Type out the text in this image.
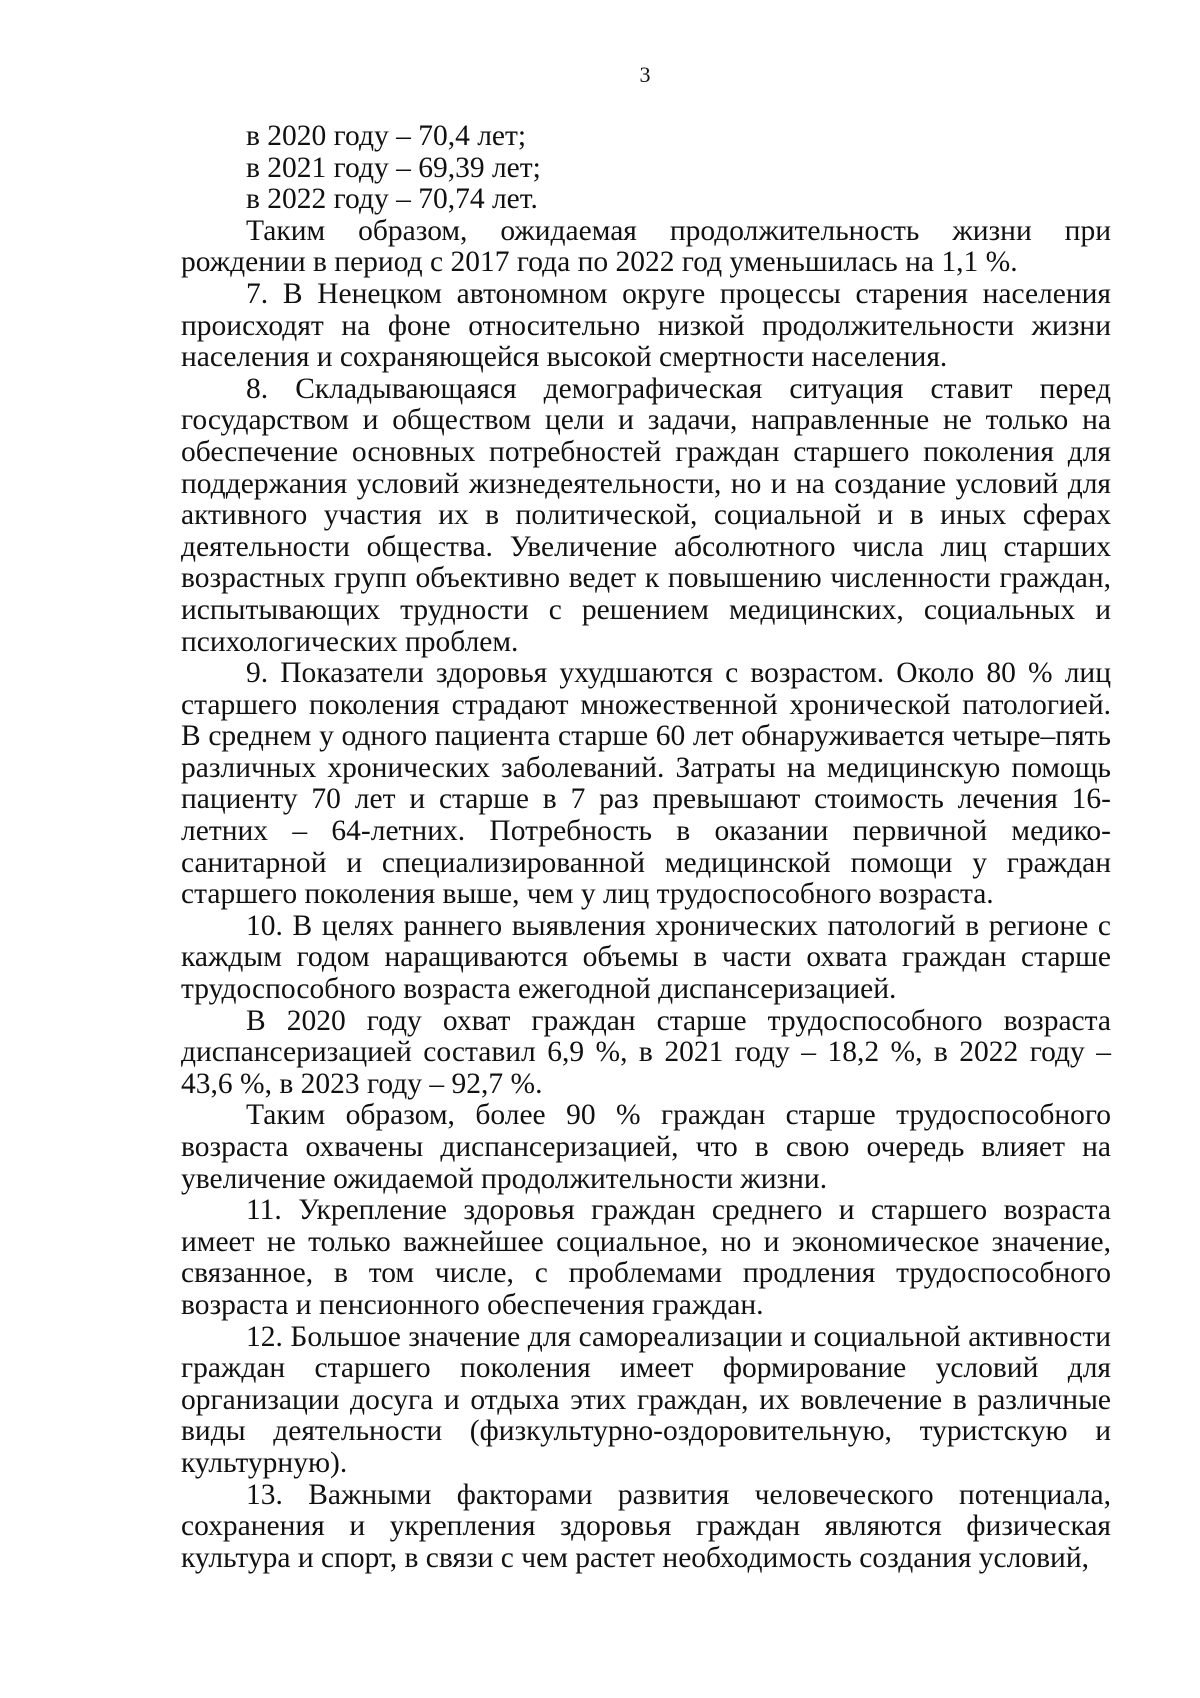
3
в 2020 году – 70,4 лет;
в 2021 году – 69,39 лет;
в 2022 году – 70,74 лет.

Таким образом, ожидаемая продолжительность жизни при рождении в период с 2017 года по 2022 год уменьшилась на 1,1 %.

7. В Ненецком автономном округе процессы старения населения происходят на фоне относительно низкой продолжительности жизни населения и сохраняющейся высокой смертности населения.

8. Складывающаяся демографическая ситуация ставит перед государством и обществом цели и задачи, направленные не только на обеспечение основных потребностей граждан старшего поколения для поддержания условий жизнедеятельности, но и на создание условий для активного участия их в политической, социальной и в иных сферах деятельности общества. Увеличение абсолютного числа лиц старших возрастных групп объективно ведет к повышению численности граждан, испытывающих трудности с решением медицинских, социальных и психологических проблем.

9. Показатели здоровья ухудшаются с возрастом. Около 80 % лиц старшего поколения страдают множественной хронической патологией. В среднем у одного пациента старше 60 лет обнаруживается четыре–пять различных хронических заболеваний. Затраты на медицинскую помощь пациенту 70 лет и старше в 7 раз превышают стоимость лечения 16-летних – 64-летних. Потребность в оказании первичной медико-санитарной и специализированной медицинской помощи у граждан старшего поколения выше, чем у лиц трудоспособного возраста.

10. В целях раннего выявления хронических патологий в регионе с каждым годом наращиваются объемы в части охвата граждан старше трудоспособного возраста ежегодной диспансеризацией.

В 2020 году охват граждан старше трудоспособного возраста диспансеризацией составил 6,9 %, в 2021 году – 18,2 %, в 2022 году – 43,6 %, в 2023 году – 92,7 %.

Таким образом, более 90 % граждан старше трудоспособного возраста охвачены диспансеризацией, что в свою очередь влияет на увеличение ожидаемой продолжительности жизни.

11. Укрепление здоровья граждан среднего и старшего возраста имеет не только важнейшее социальное, но и экономическое значение, связанное, в том числе, с проблемами продления трудоспособного возраста и пенсионного обеспечения граждан.

12. Большое значение для самореализации и социальной активности граждан старшего поколения имеет формирование условий для организации досуга и отдыха этих граждан, их вовлечение в различные виды деятельности (физкультурно-оздоровительную, туристскую и культурную).

13. Важными факторами развития человеческого потенциала, сохранения и укрепления здоровья граждан являются физическая культура и спорт, в связи с чем растет необходимость создания условий,
